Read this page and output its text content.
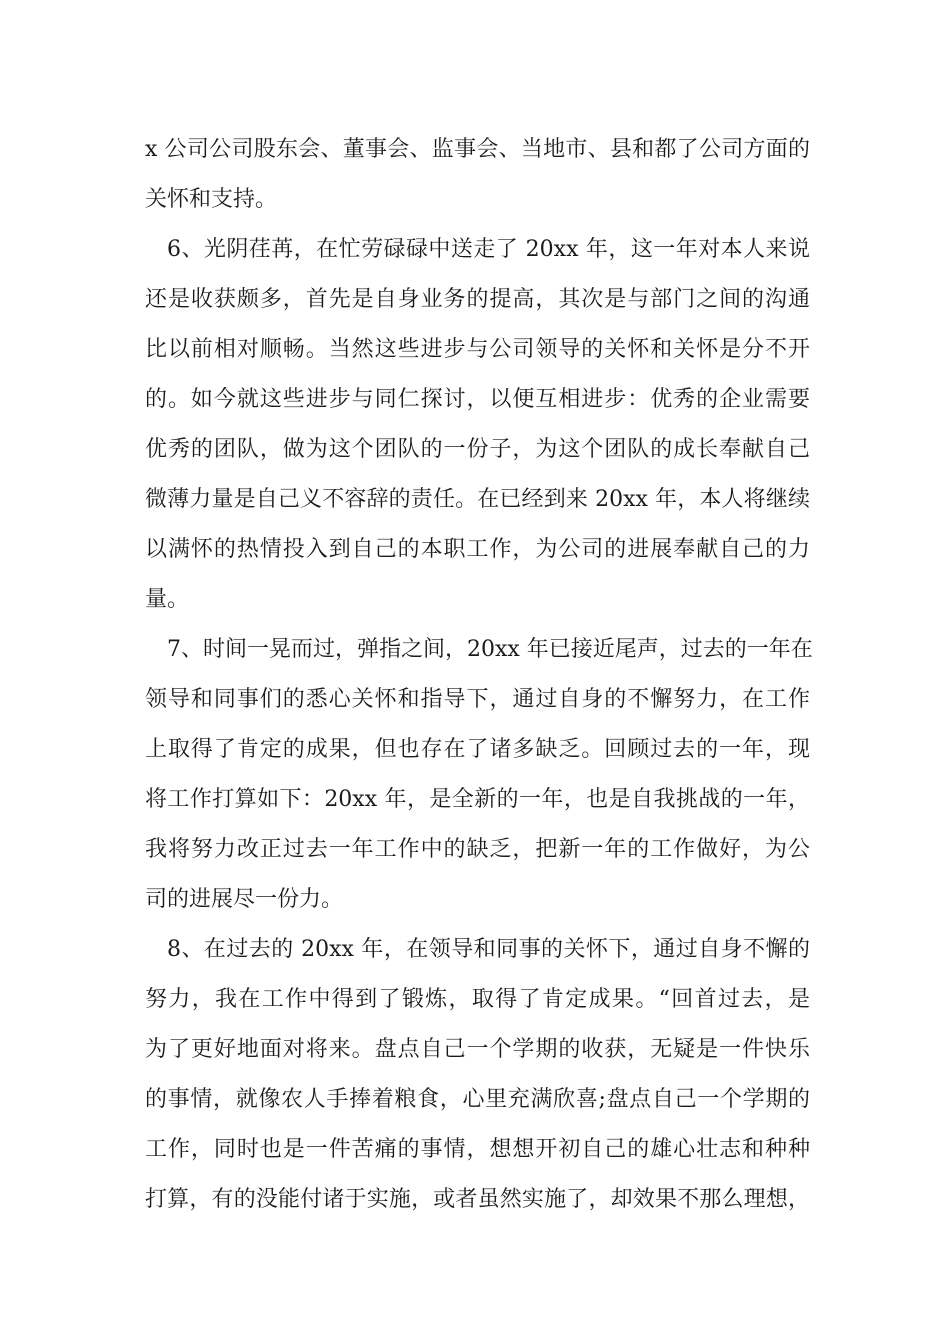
x 公司公司股东会、董事会、监事会、当地市、县和都了公司方面的
关怀和支持。
6、光阴荏苒，在忙劳碌碌中送走了 20xx 年，这一年对本人来说
还是收获颇多，首先是自身业务的提高，其次是与部门之间的沟通
比以前相对顺畅。当然这些进步与公司领导的关怀和关怀是分不开
的。如今就这些进步与同仁探讨，以便互相进步：优秀的企业需要
优秀的团队，做为这个团队的一份子，为这个团队的成长奉献自己
微薄力量是自己义不容辞的责任。在已经到来 20xx 年，本人将继续
以满怀的热情投入到自己的本职工作，为公司的进展奉献自己的力
量。
7、时间一晃而过，弹指之间，20xx 年已接近尾声，过去的一年在
领导和同事们的悉心关怀和指导下，通过自身的不懈努力，在工作
上取得了肯定的成果，但也存在了诸多缺乏。回顾过去的一年，现
将工作打算如下：20xx 年，是全新的一年，也是自我挑战的一年，
我将努力改正过去一年工作中的缺乏，把新一年的工作做好，为公
司的进展尽一份力。
8、在过去的 20xx 年，在领导和同事的关怀下，通过自身不懈的
努力，我在工作中得到了锻炼，取得了肯定成果。“回首过去，是
为了更好地面对将来。盘点自己一个学期的收获，无疑是一件快乐
的事情，就像农人手捧着粮食，心里充满欣喜;盘点自己一个学期的
工作，同时也是一件苦痛的事情，想想开初自己的雄心壮志和种种
打算，有的没能付诸于实施，或者虽然实施了，却效果不那么理想，
